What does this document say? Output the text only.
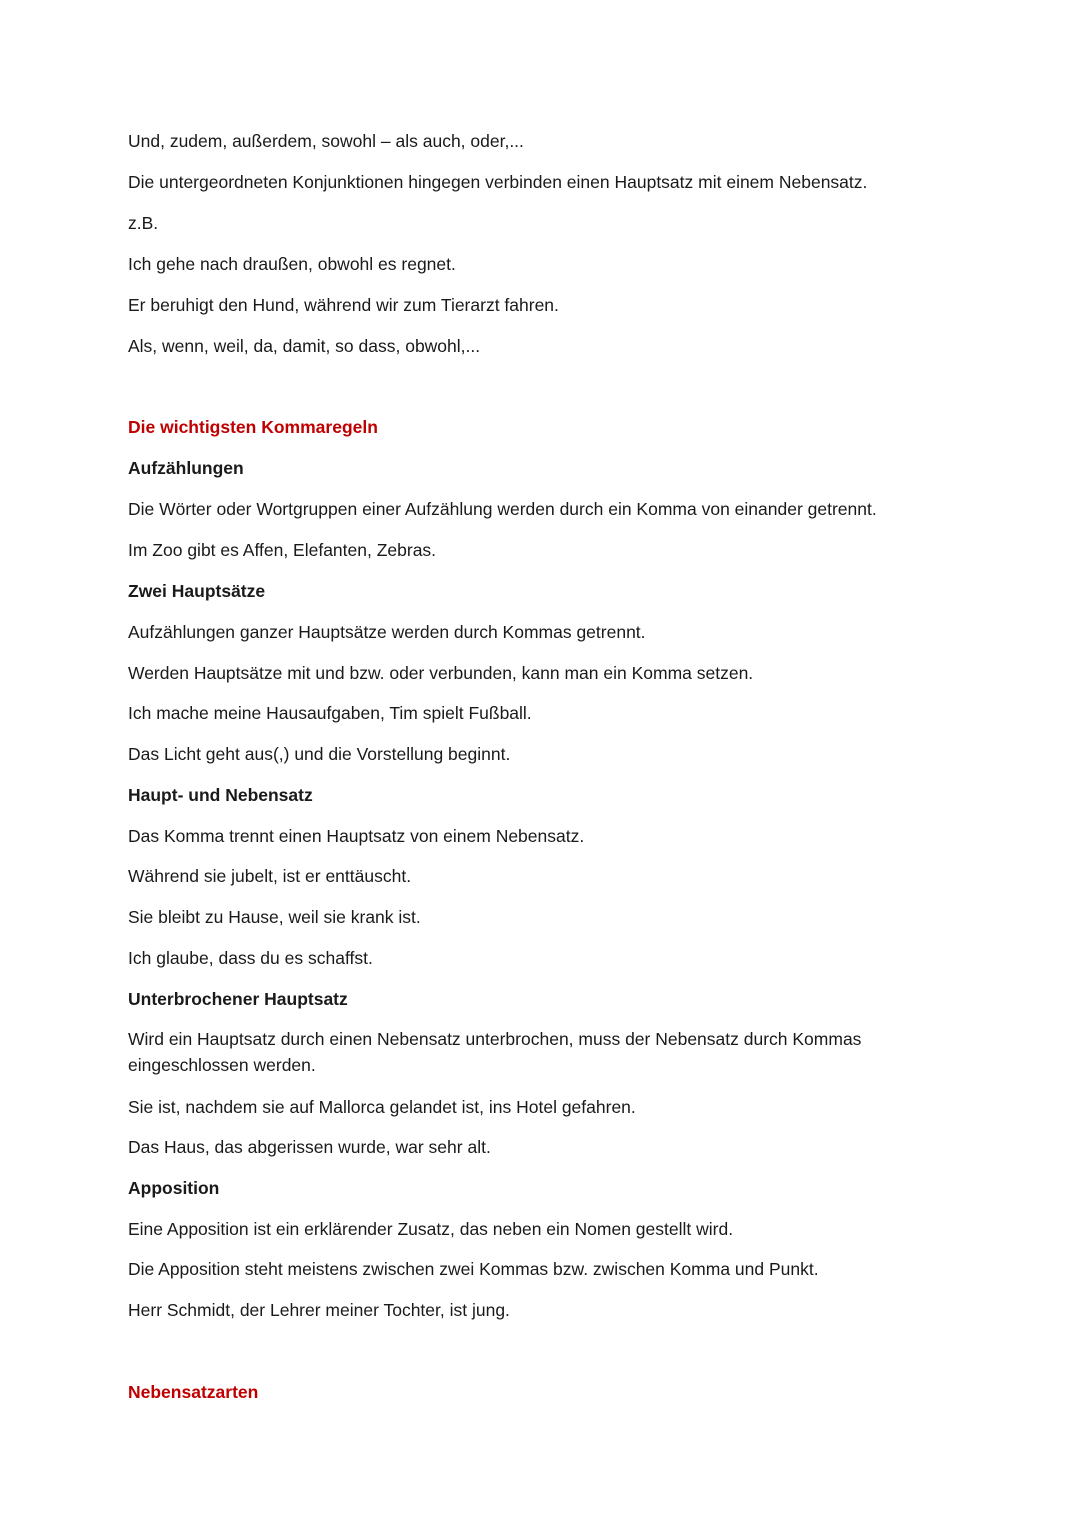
Und, zudem, außerdem, sowohl – als auch, oder,...
Die untergeordneten Konjunktionen hingegen verbinden einen Hauptsatz mit einem Nebensatz.
z.B.
Ich gehe nach draußen, obwohl es regnet.
Er beruhigt den Hund, während wir zum Tierarzt fahren.
Als, wenn, weil, da, damit, so dass, obwohl,...
Die wichtigsten Kommaregeln
Aufzählungen
Die Wörter oder Wortgruppen einer Aufzählung werden durch ein Komma von einander getrennt.
Im Zoo gibt es Affen, Elefanten, Zebras.
Zwei Hauptsätze
Aufzählungen ganzer Hauptsätze werden durch Kommas getrennt.
Werden Hauptsätze mit und bzw. oder verbunden, kann man ein Komma setzen.
Ich mache meine Hausaufgaben, Tim spielt Fußball.
Das Licht geht aus(,) und die Vorstellung beginnt.
Haupt- und Nebensatz
Das Komma trennt einen Hauptsatz von einem Nebensatz.
Während sie jubelt, ist er enttäuscht.
Sie bleibt zu Hause, weil sie krank ist.
Ich glaube, dass du es schaffst.
Unterbrochener Hauptsatz
Wird ein Hauptsatz durch einen Nebensatz unterbrochen, muss der Nebensatz durch Kommas eingeschlossen werden.
Sie ist, nachdem sie auf Mallorca gelandet ist, ins Hotel gefahren.
Das Haus, das abgerissen wurde, war sehr alt.
Apposition
Eine Apposition ist ein erklärender Zusatz, das neben ein Nomen gestellt wird.
Die Apposition steht meistens zwischen zwei Kommas bzw. zwischen Komma und Punkt.
Herr Schmidt, der Lehrer meiner Tochter, ist jung.
Nebensatzarten
